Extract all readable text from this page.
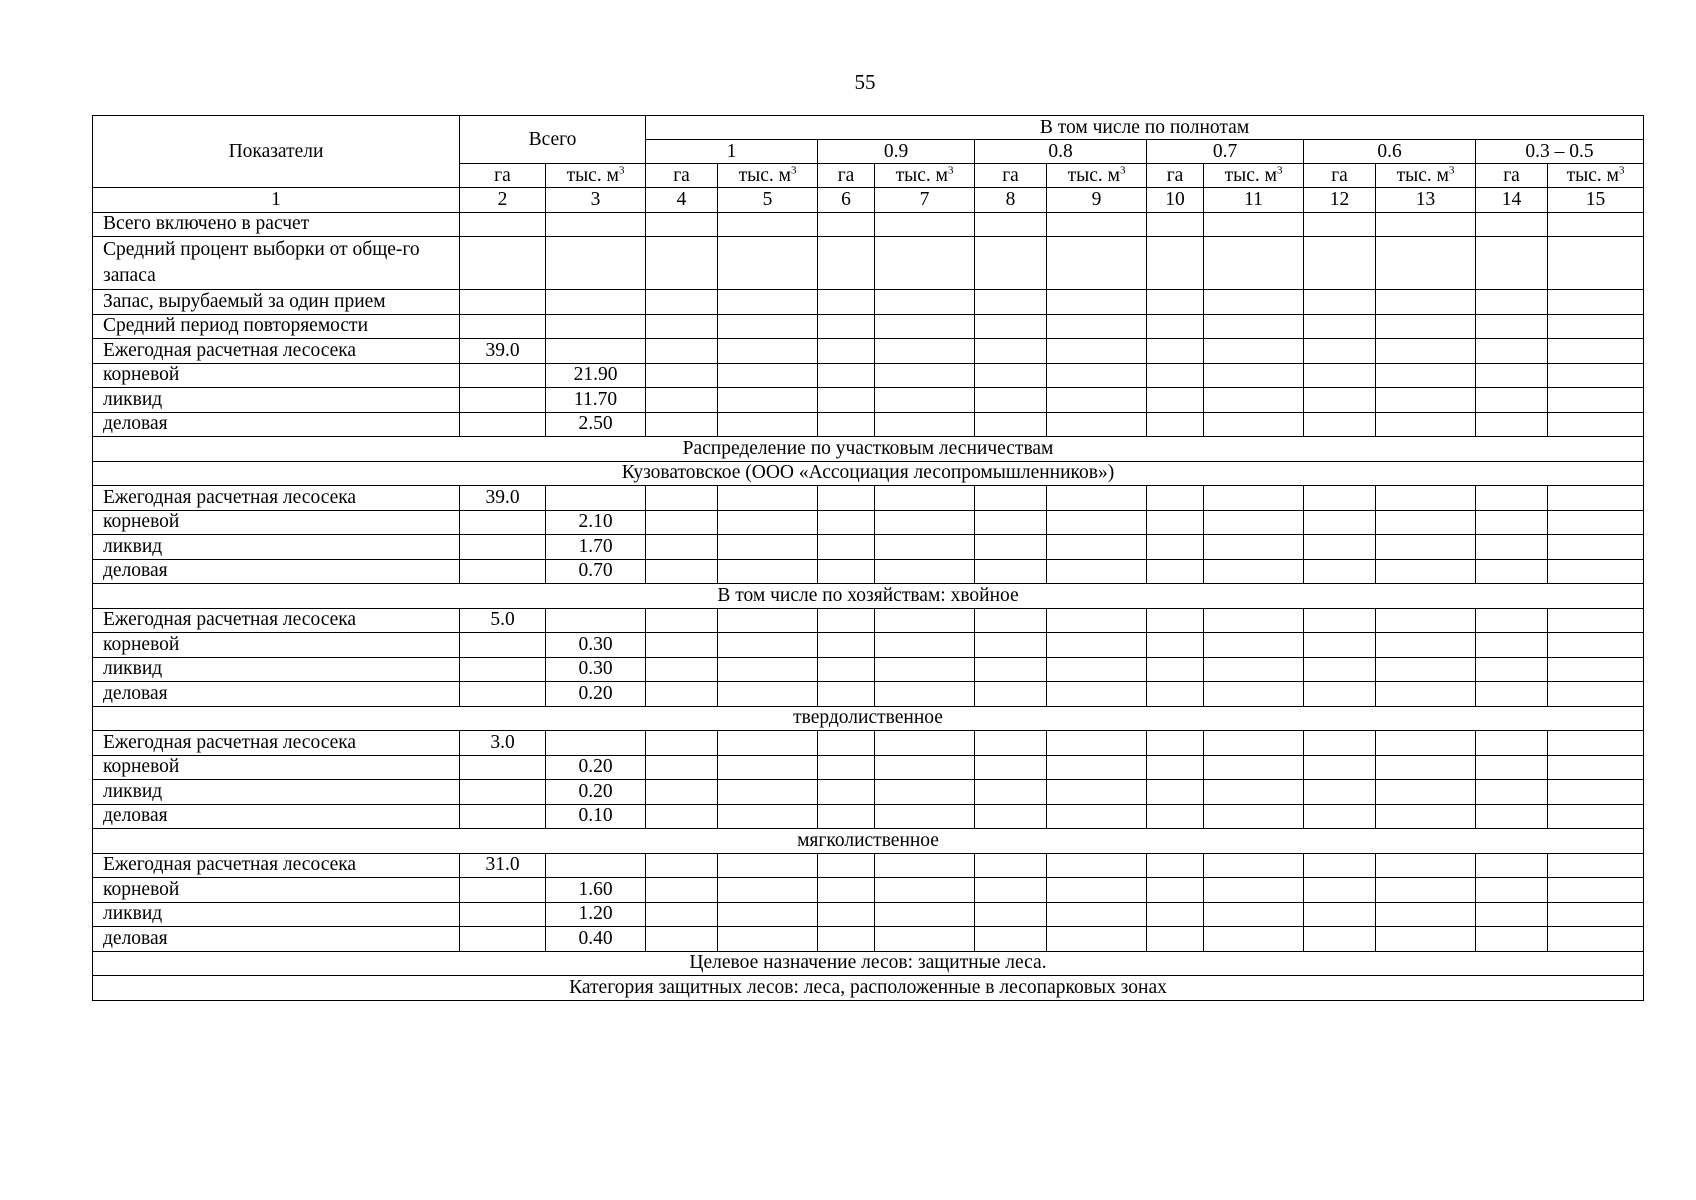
55
Показатели	Всего		В том числе по полнотам											
			1		0.9		0.8		0.7		0.6		0.3 – 0.5	
	га	тыс. $м^3$	га	тыс. $м^3$	га	тыс. $м^3$	га	тыс. $м^3$	га	тыс. $м^3$	га	тыс. $м^3$	га	тыс. $м^3$
1	2	3	4	5	6	7	8	9	10	11	12	13	14	15
Всего включено в расчет														
Средний процент выборки от обще-го запаса														
Запас, вырубаемый за один прием														
Средний период повторяемости														
Ежегодная расчетная лесосека	39.0													
корневой		21.90												
ликвид		11.70												
деловая		2.50												
Распределение по участковым лесничествам														
Кузоватовское (ООО «Ассоциация лесопромышленников»)														
Ежегодная расчетная лесосека	39.0													
корневой		2.10												
ликвид		1.70												
деловая		0.70												
В том числе по хозяйствам: хвойное														
Ежегодная расчетная лесосека	5.0													
корневой		0.30												
ликвид		0.30												
деловая		0.20												
твердолиственное														
Ежегодная расчетная лесосека	3.0													
корневой		0.20												
ликвид		0.20												
деловая		0.10												
мягколиственное														
Ежегодная расчетная лесосека	31.0													
корневой		1.60												
ликвид		1.20												
деловая		0.40												
Целевое назначение лесов: защитные леса.														
Категория защитных лесов: леса, расположенные в лесопарковых зонах														
